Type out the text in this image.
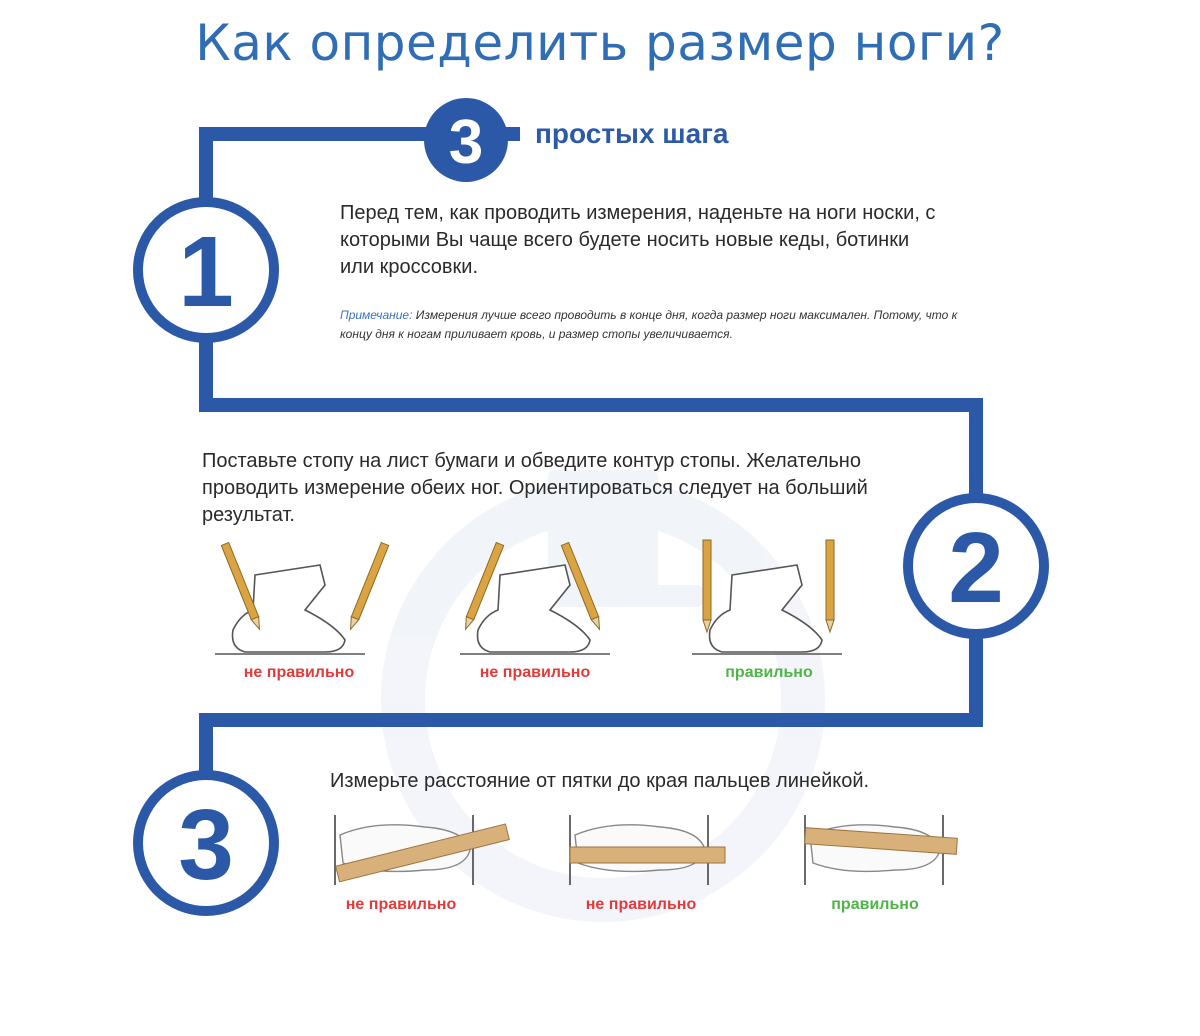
3
1
2
3
Как определить размер ноги?
простых шага
Перед тем, как проводить измерения, наденьте на ноги носки, с которыми Вы чаще всего будете носить новые кеды, ботинки или кроссовки.
Примечание: Измерения лучше всего проводить в конце дня, когда размер ноги максимален. Потому, что к концу дня к ногам приливает кровь, и размер стопы увеличивается.
Поставьте стопу на лист бумаги и обведите контур стопы. Желательно проводить измерение обеих ног. Ориентироваться следует на больший результат.
не правильно	не правильно	правильно
Измерьте расстояние от пятки до края пальцев линейкой.
не правильно	не правильно	правильно
